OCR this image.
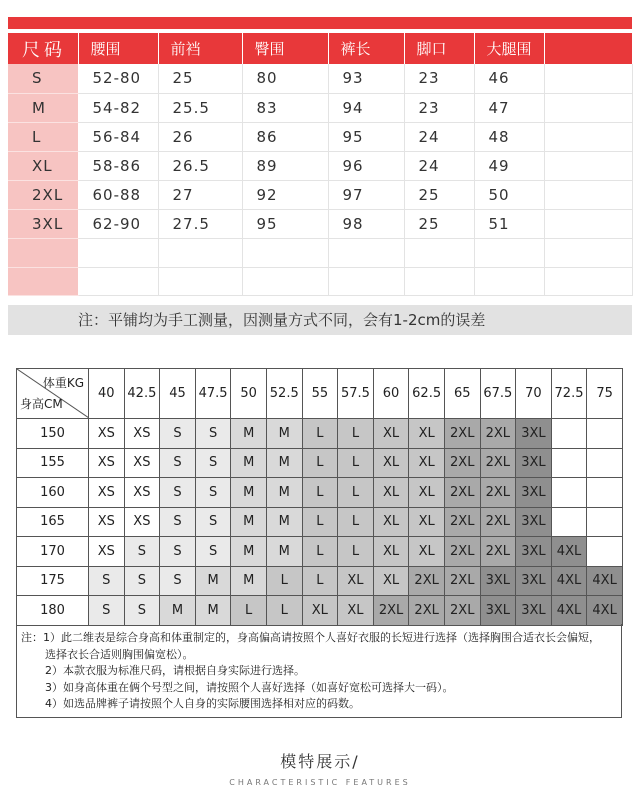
尺码	腰围	前裆	臀围	裤长	脚口	大腿围	
S	52-80	25	80	93	23	46	
M	54-82	25.5	83	94	23	47	
L	56-84	26	86	95	24	48	
XL	58-86	26.5	89	96	24	49	
2XL	60-88	27	92	97	25	50	
3XL	62-90	27.5	95	98	25	51	

注：平铺均为手工测量，因测量方式不同，会有1-2cm的误差
体重KG
身高CM	40	42.5	45	47.5	50	52.5	55	57.5	60	62.5	65	67.5	70	72.5	75
150	XS	XS	S	S	M	M	L	L	XL	XL	2XL	2XL	3XL		
155	XS	XS	S	S	M	M	L	L	XL	XL	2XL	2XL	3XL		
160	XS	XS	S	S	M	M	L	L	XL	XL	2XL	2XL	3XL		
165	XS	XS	S	S	M	M	L	L	XL	XL	2XL	2XL	3XL		
170	XS	S	S	S	M	M	L	L	XL	XL	2XL	2XL	3XL	4XL	
175	S	S	S	M	M	L	L	XL	XL	2XL	2XL	3XL	3XL	4XL	4XL
180	S	S	M	M	L	L	XL	XL	2XL	2XL	2XL	3XL	3XL	4XL	4XL

注：1）此二维表是综合身高和体重制定的，身高偏高请按照个人喜好衣服的长短进行选择（选择胸围合适衣长会偏短，

选择衣长合适则胸围偏宽松）。

2）本款衣服为标准尺码，请根据自身实际进行选择。

3）如身高体重在俩个号型之间，请按照个人喜好选择（如喜好宽松可选择大一码）。

4）如选品牌裤子请按照个人自身的实际腰围选择相对应的码数。

模特展示/
CHARACTERISTIC FEATURES
